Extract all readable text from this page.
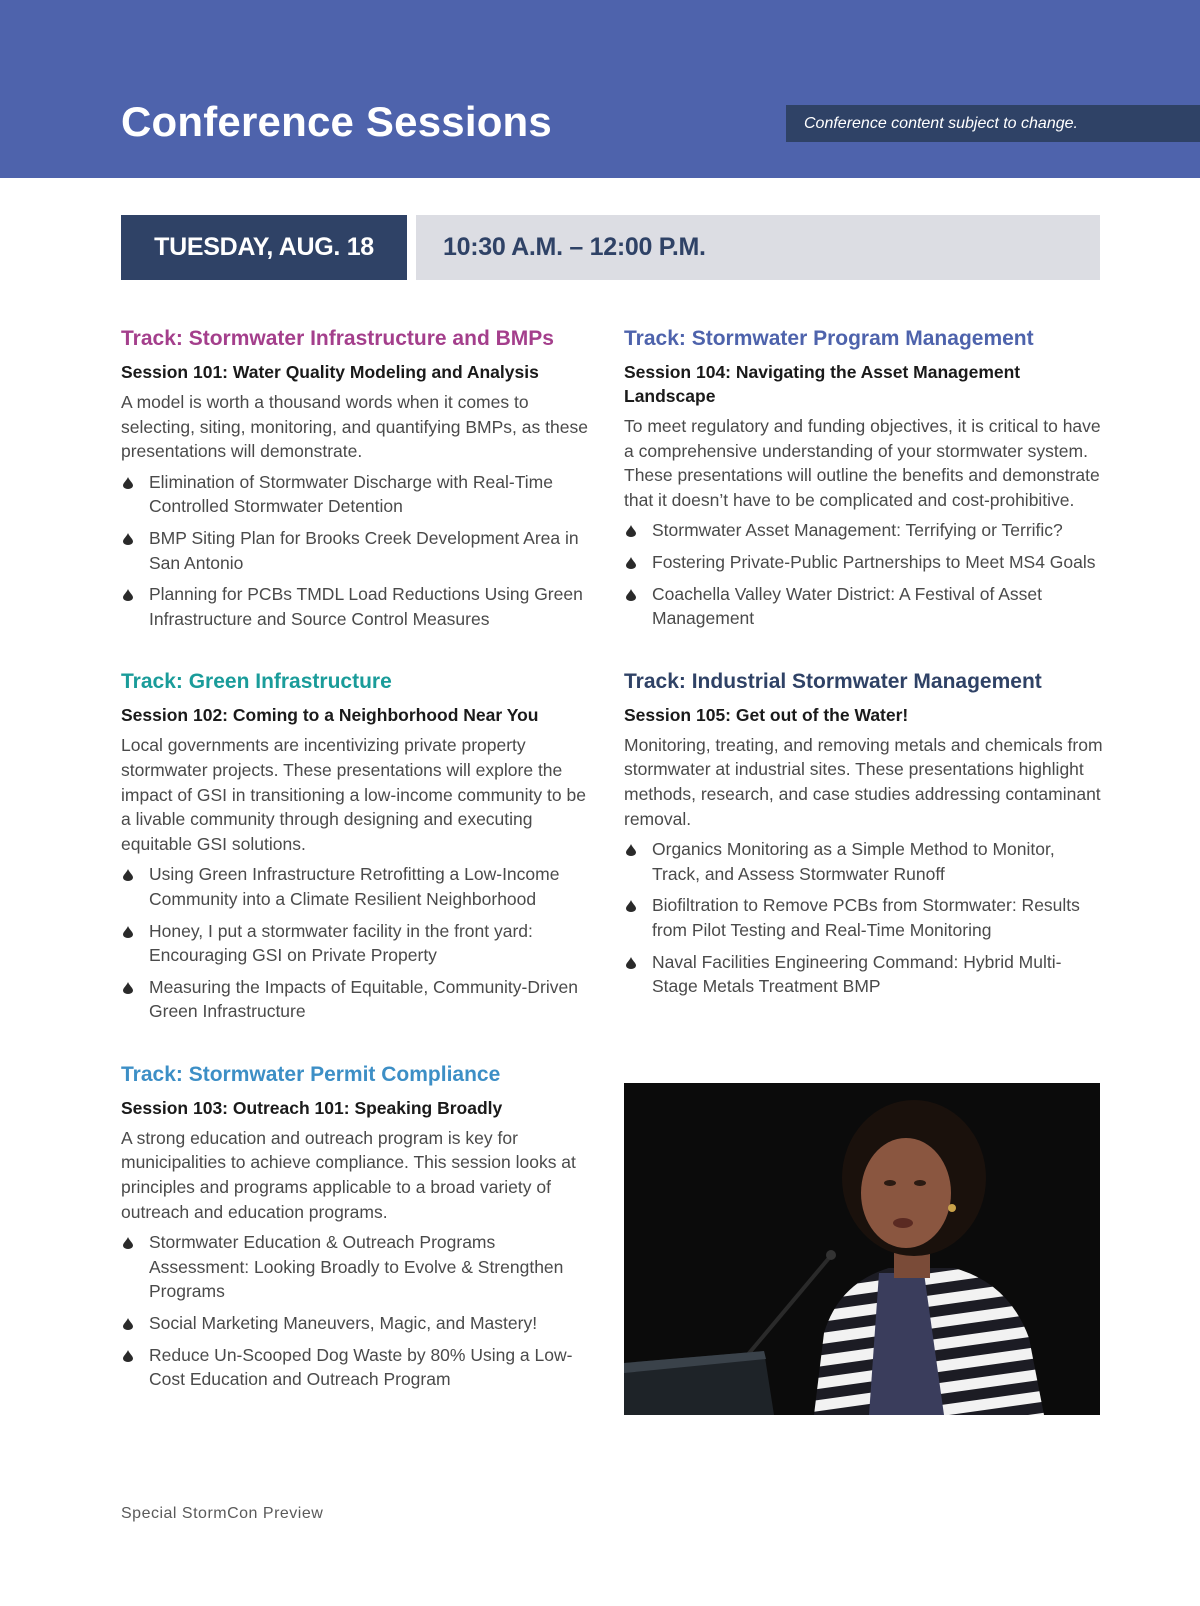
Conference Sessions	Conference content subject to change.
TUESDAY, AUG. 18	10:30 A.M. – 12:00 P.M.
Track: Stormwater Infrastructure and BMPs
Session 101: Water Quality Modeling and Analysis

A model is worth a thousand words when it comes to selecting, siting, monitoring, and quantifying BMPs, as these presentations will demonstrate.

Elimination of Stormwater Discharge with Real-Time Controlled Stormwater Detention
BMP Siting Plan for Brooks Creek Development Area in San Antonio
Planning for PCBs TMDL Load Reductions Using Green Infrastructure and Source Control Measures
Track: Green Infrastructure
Session 102: Coming to a Neighborhood Near You

Local governments are incentivizing private property stormwater projects. These presentations will explore the impact of GSI in transitioning a low-income community to be a livable community through designing and executing equitable GSI solutions.

Using Green Infrastructure Retrofitting a Low-Income Community into a Climate Resilient Neighborhood
Honey, I put a stormwater facility in the front yard: Encouraging GSI on Private Property
Measuring the Impacts of Equitable, Community-Driven Green Infrastructure
Track: Stormwater Permit Compliance
Session 103: Outreach 101: Speaking Broadly

A strong education and outreach program is key for municipalities to achieve compliance. This session looks at principles and programs applicable to a broad variety of outreach and education programs.

Stormwater Education & Outreach Programs Assessment: Looking Broadly to Evolve & Strengthen Programs
Social Marketing Maneuvers, Magic, and Mastery!
Reduce Un-Scooped Dog Waste by 80% Using a Low-Cost Education and Outreach Program
Track: Stormwater Program Management
Session 104: Navigating the Asset Management Landscape

To meet regulatory and funding objectives, it is critical to have a comprehensive understanding of your stormwater system. These presentations will outline the benefits and demonstrate that it doesn’t have to be complicated and cost-prohibitive.

Stormwater Asset Management: Terrifying or Terrific?
Fostering Private-Public Partnerships to Meet MS4 Goals
Coachella Valley Water District: A Festival of Asset Management
Track: Industrial Stormwater Management
Session 105: Get out of the Water!

Monitoring, treating, and removing metals and chemicals from stormwater at industrial sites. These presentations highlight methods, research, and case studies addressing contaminant removal.

Organics Monitoring as a Simple Method to Monitor, Track, and Assess Stormwater Runoff
Biofiltration to Remove PCBs from Stormwater: Results from Pilot Testing and Real-Time Monitoring
Naval Facilities Engineering Command: Hybrid Multi-Stage Metals Treatment BMP
Special StormCon Preview
